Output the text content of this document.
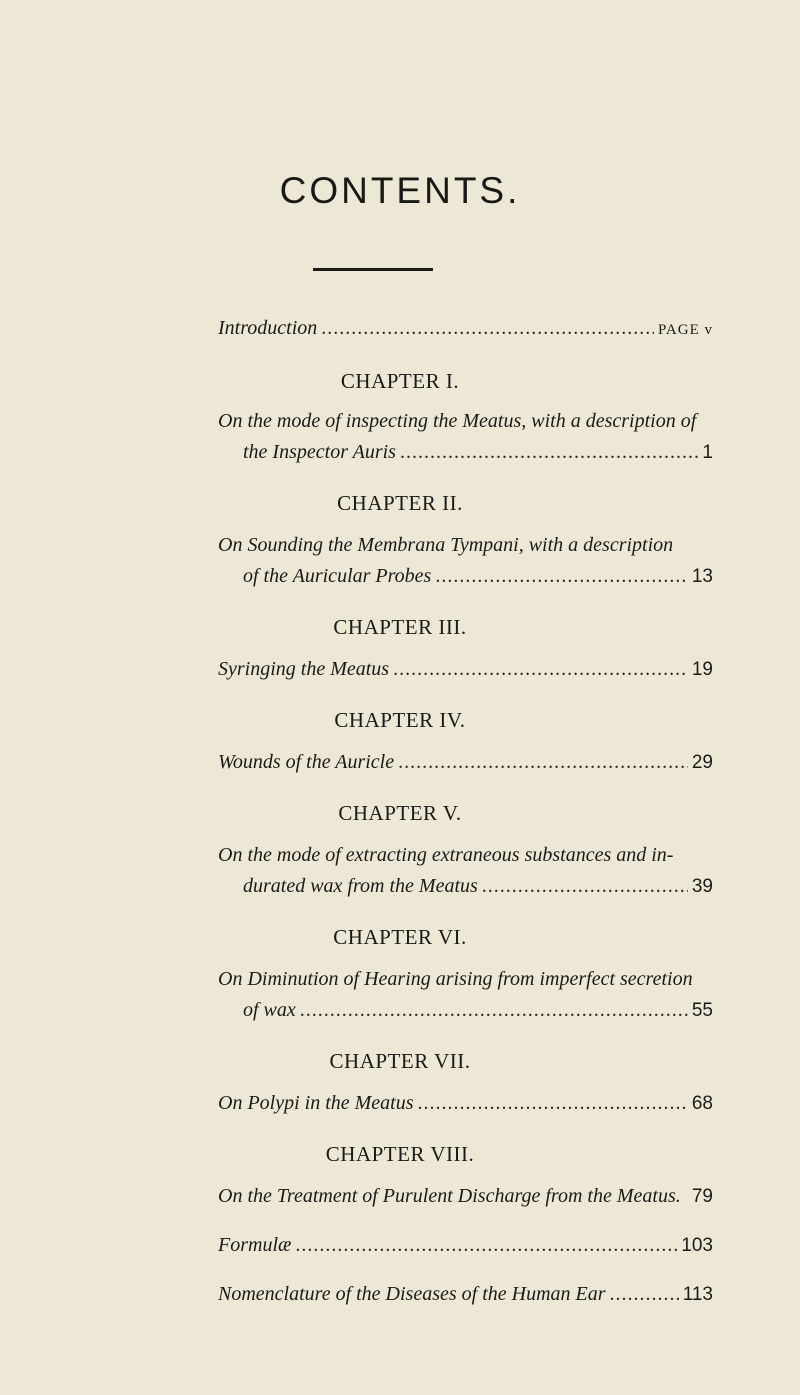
CONTENTS.
Introduction .....	PAGE v
CHAPTER I.
On the mode of inspecting the Meatus, with a description of
the Inspector Auris .....	1
CHAPTER II.
On Sounding the Membrana Tympani, with a description
of the Auricular Probes .....	13
CHAPTER III.
Syringing the Meatus .....	19
CHAPTER IV.
Wounds of the Auricle .....	29
CHAPTER V.
On the mode of extracting extraneous substances and in-
durated wax from the Meatus .....	39
CHAPTER VI.
On Diminution of Hearing arising from imperfect secretion
of wax .....	55
CHAPTER VII.
On Polypi in the Meatus .....	68
CHAPTER VIII.
On the Treatment of Purulent Discharge from the Meatus. 79
Formulæ .....	103
Nomenclature of the Diseases of the Human Ear .....	113
